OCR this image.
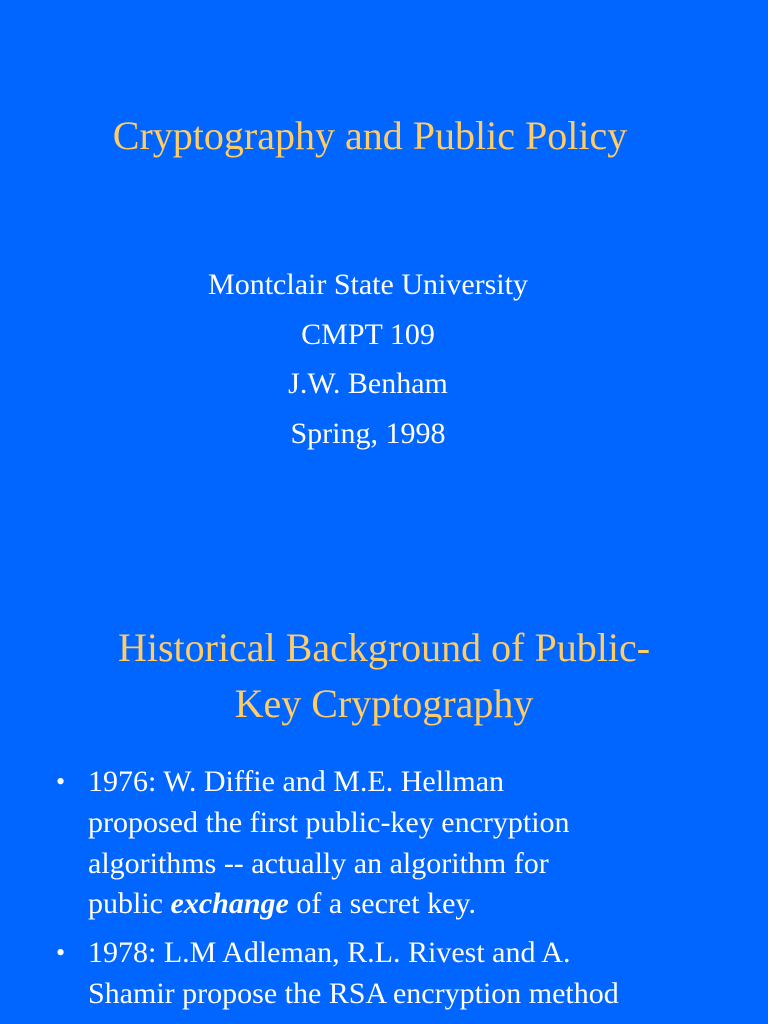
Cryptography and Public Policy
Montclair State University
CMPT 109
J.W. Benham
Spring, 1998
Historical Background of Public-
Key Cryptography
• 1976: W. Diffie and M.E. Hellman
proposed the first public-key encryption
algorithms -- actually an algorithm for
public exchange of a secret key.
• 1978: L.M Adleman, R.L. Rivest and A.
Shamir propose the RSA encryption method
